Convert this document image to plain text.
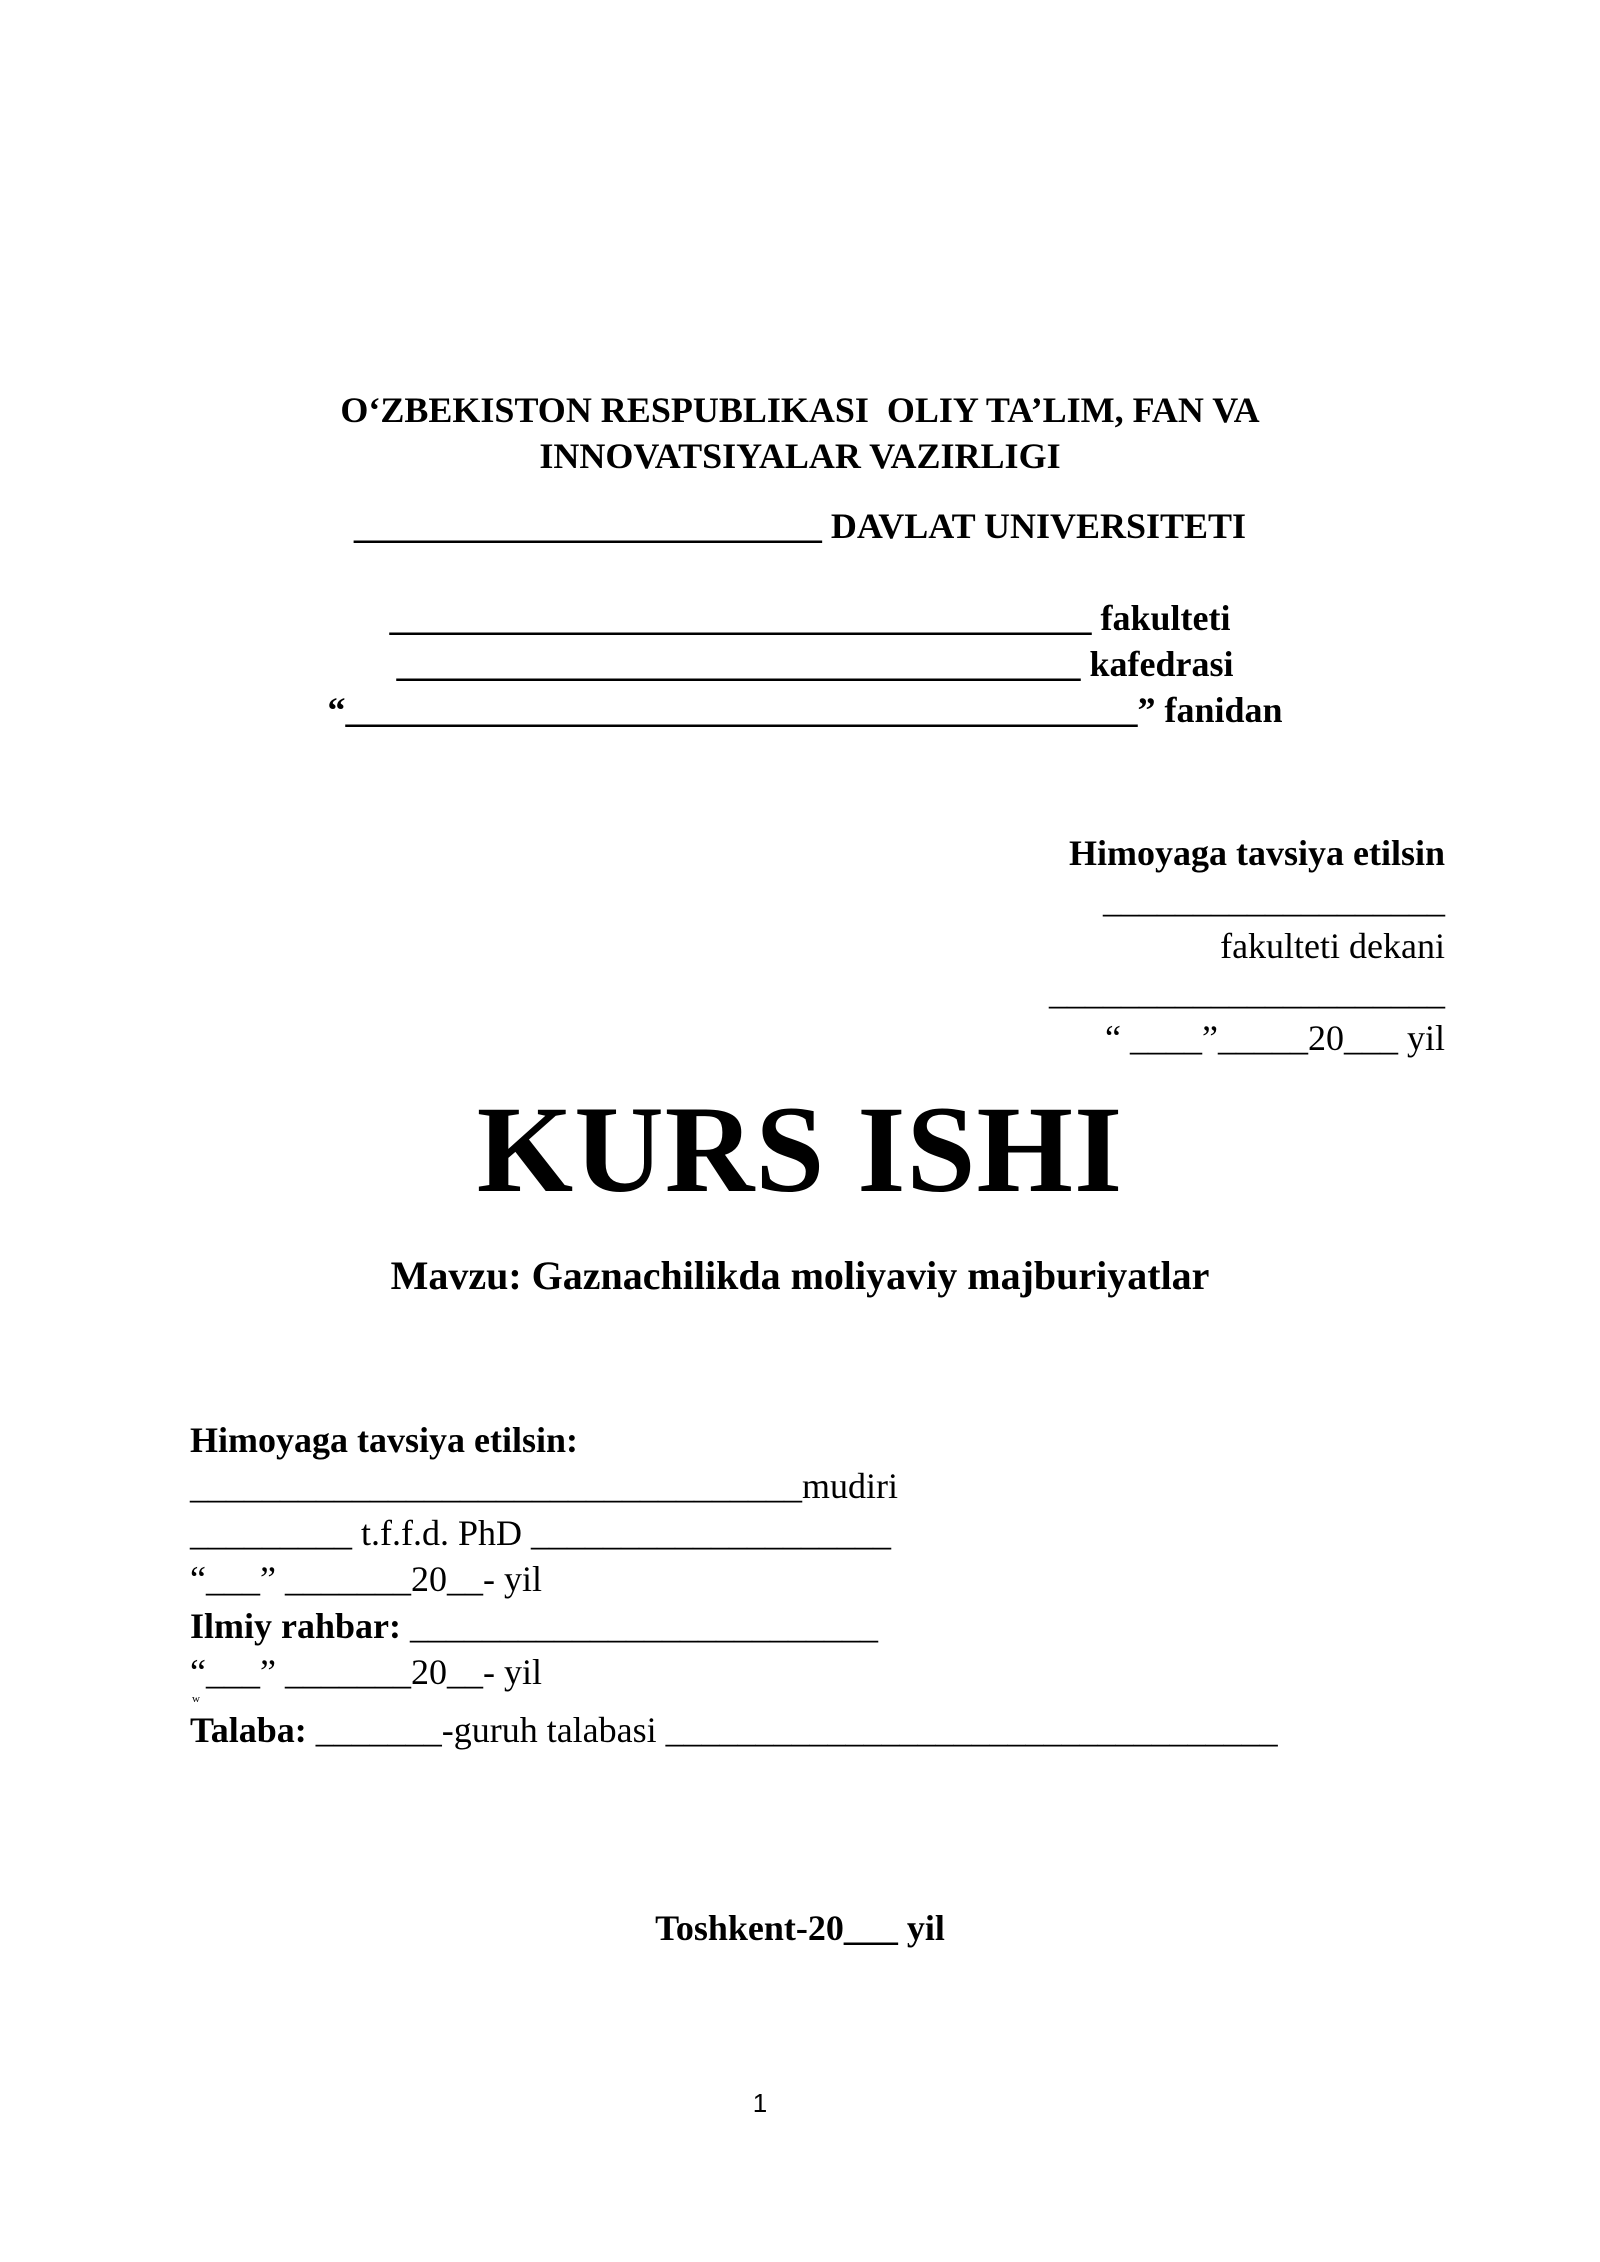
O‘ZBEKISTON RESPUBLIKASI  OLIY TA’LIM, FAN VA
INNOVATSIYALAR VAZIRLIGI
__________________________ DAVLAT UNIVERSITETI
_______________________________________ fakulteti
______________________________________ kafedrasi
“____________________________________________” fanidan
Himoyaga tavsiya etilsin
___________________
fakulteti dekani
______________________
“ ____”_____20___ yil
KURS ISHI
Mavzu: Gaznachilikda moliyaviy majburiyatlar
Himoyaga tavsiya etilsin:
__________________________________mudiri
_________ t.f.f.d. PhD ____________________
“___” _______20__- yil
Ilmiy rahbar: __________________________
“___” _______20__- yil
w
Talaba: _______-guruh talabasi __________________________________
Toshkent-20___ yil
1
